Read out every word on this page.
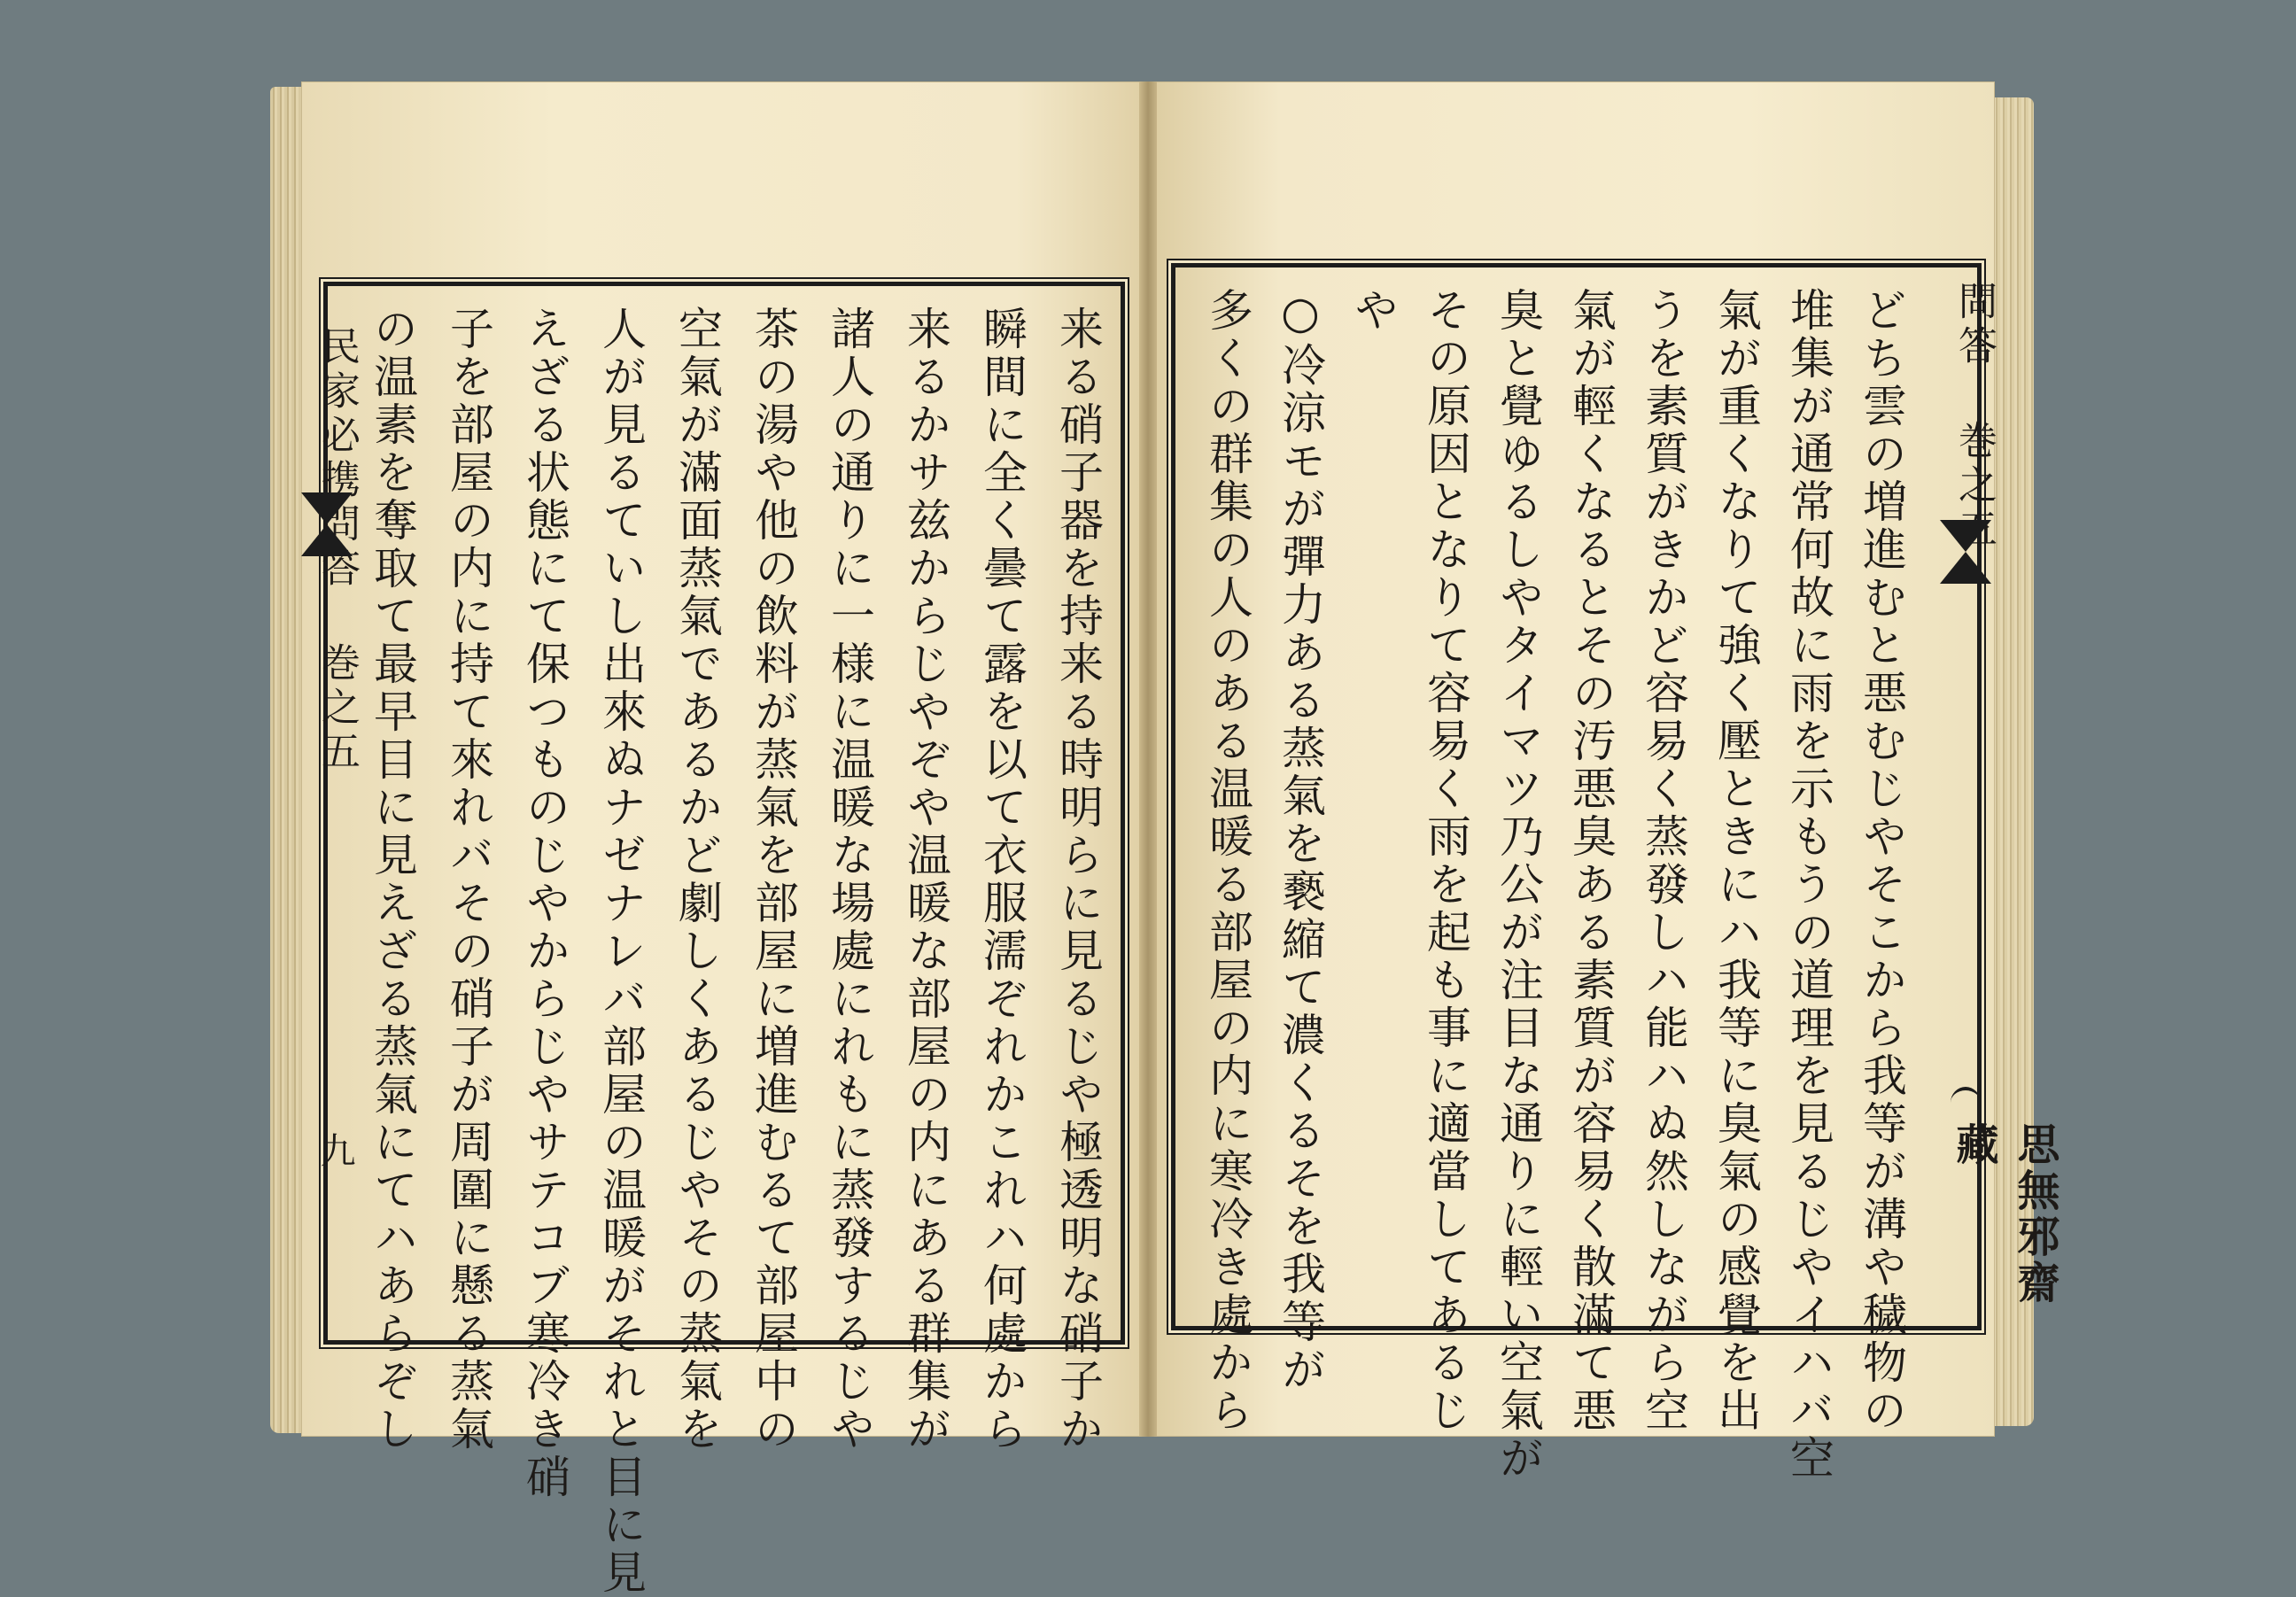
来る硝子器を持来る時明らに見るじや極透明な硝子か
瞬間に全く曇て露を以て衣服濡ぞれかこれハ何處から
来るかサ兹からじやぞや温暖な部屋の内にある群集が
諸人の通りに一様に温暖な場處にれもに蒸發するじや
茶の湯や他の飲料が蒸氣を部屋に増進むるて部屋中の
空氣が滿面蒸氣であるかど劇しくあるじやその蒸氣を
人が見るていし出來ぬナゼナレバ部屋の温暖がそれと目に見
えざる状態にて保つものじやからじやサテコブ寒冷き硝
子を部屋の内に持て來れバその硝子が周圍に懸る蒸氣
の温素を奪取て最早目に見えざる蒸氣にてハあらぞし
民家必携問答 巻之五
九	どち雲の増進むと悪むじやそこから我等が溝や穢物の
堆集が通常何故に雨を示もうの道理を見るじやイハバ空
氣が重くなりて強く壓ときにハ我等に臭氣の感覺を出
うを素質がきかど容易く蒸發しハ能ハぬ然しながら空
氣が輕くなるとその汚悪臭ある素質が容易く散滿て悪
臭と覺ゆるしやタイマツ乃公が注目な通りに輕い空氣が
その原因となりて容易く雨を起も事に適當してあるじ
や
○冷涼モが彈力ある蒸氣を褻縮て濃くるそを我等が
多くの群集の人のある温暖る部屋の内に寒冷き處から	問答 巻之五
思無邪齋藏
